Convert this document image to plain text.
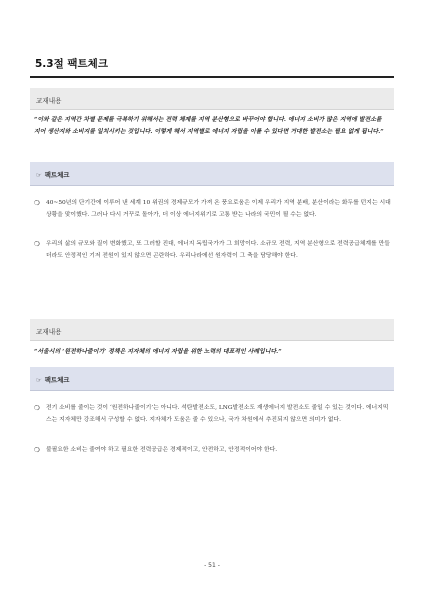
5.3절 팩트체크
교재내용
“이와 같은 지역간 차별 문제를 극복하기 위해서는 전력 체계를 지역 분산형으로 바꾸어야 합니다. 에너지 소비가 많은 지역에 발전소를 지어 생산지와 소비지를 일치시키는 것입니다. 이렇게 해서 지역별로 에너지 자립을 이룰 수 있다면 거대한 발전소는 필요 없게 됩니다.”
☞ 팩트체크
❍ 40~50년의 단기간에 이루어 낸 세계 10 위권의 경제규모가 가져 온 풍요로움은 이제 우리가 지역 분배, 분산이라는 화두를 던지는 시대 상황을 맞이했다. 그러나 다시 거꾸로 돌아가, 더 이상 에너지위기로 고통 받는 나라의 국민이 될 수는 없다.
❍ 우리의 삶의 규모와 질이 변화했고, 또 그러할 진대, 에너지 독립국가가 그 희망이다. 소규모 전력, 지역 분산형으로 전력공급체계를 만들더라도 안정적인 기저 전원이 있지 않으면 곤란하다. 우리나라에선 원자력이 그 축을 담당해야 한다.
교재내용
“서울시의 ‘원전하나줄이기’ 정책은 지자체의 에너지 자립을 위한 노력의 대표적인 사례입니다.”
☞ 팩트체크
❍ 전기 소비를 줄이는 것이 ‘원전하나줄이기’는 아니다. 석탄발전소도, LNG발전소도 재생에너지 발전소도 줄일 수 있는 것이다. 에너지믹스는 지자체만 강조해서 구성할 수 없다. 지자체가 도움은 줄 수 있으나, 국가 차원에서 추진되지 않으면 의미가 없다.
❍ 불필요한 소비는 줄여야 하고 필요한 전력공급은 경제적이고, 안전하고, 안정적이어야 한다.
- 51 -
